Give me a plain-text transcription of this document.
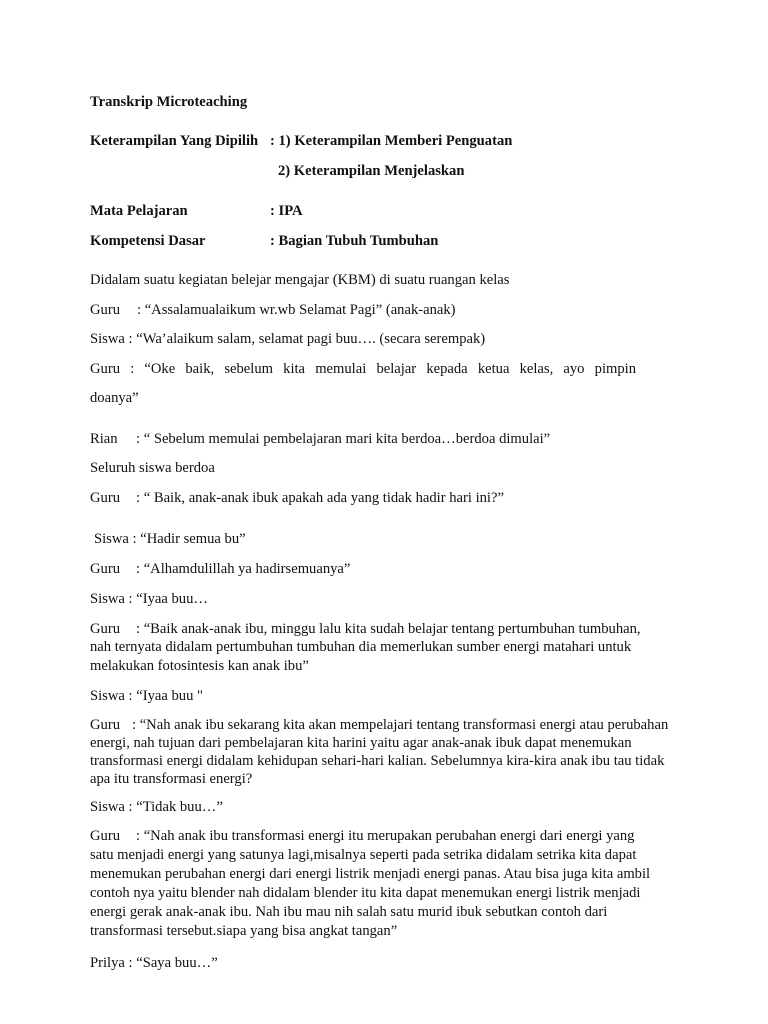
Transkrip Microteaching
Keterampilan Yang Dipilih : 1) Keterampilan Memberi Penguatan
2) Keterampilan Menjelaskan
Mata Pelajaran	: IPA
Kompetensi Dasar	: Bagian Tubuh Tumbuhan
Didalam suatu kegiatan belejar mengajar (KBM) di suatu ruangan kelas
Guru : “Assalamualaikum wr.wb Selamat Pagi” (anak-anak)
Siswa : “Wa’alaikum salam, selamat pagi buu…. (secara serempak)
Guru : “Oke baik, sebelum kita memulai belajar kepada ketua kelas, ayo pimpin
doanya”
Rian : “ Sebelum memulai pembelajaran mari kita berdoa…berdoa dimulai”
Seluruh siswa berdoa
Guru : “ Baik, anak-anak ibuk apakah ada yang tidak hadir hari ini?”
Siswa : “Hadir semua bu”
Guru : “Alhamdulillah ya hadirsemuanya”
Siswa : “Iyaa buu…
Guru : “Baik anak-anak ibu, minggu lalu kita sudah belajar tentang pertumbuhan tumbuhan,
nah ternyata didalam pertumbuhan tumbuhan dia memerlukan sumber energi matahari untuk
melakukan fotosintesis kan anak ibu”
Siswa : “Iyaa buu "
Guru : “Nah anak ibu sekarang kita akan mempelajari tentang transformasi energi atau perubahan
energi, nah tujuan dari pembelajaran kita harini yaitu agar anak-anak ibuk dapat menemukan
transformasi energi didalam kehidupan sehari-hari kalian. Sebelumnya kira-kira anak ibu tau tidak
apa itu transformasi energi?
Siswa : “Tidak buu…”
Guru : “Nah anak ibu transformasi energi itu merupakan perubahan energi dari energi yang
satu menjadi energi yang satunya lagi,misalnya seperti pada setrika didalam setrika kita dapat
menemukan perubahan energi dari energi listrik menjadi energi panas. Atau bisa juga kita ambil
contoh nya yaitu blender nah didalam blender itu kita dapat menemukan energi listrik menjadi
energi gerak anak-anak ibu. Nah ibu mau nih salah satu murid ibuk sebutkan contoh dari
transformasi tersebut.siapa yang bisa angkat tangan”
Prilya : “Saya buu…”
